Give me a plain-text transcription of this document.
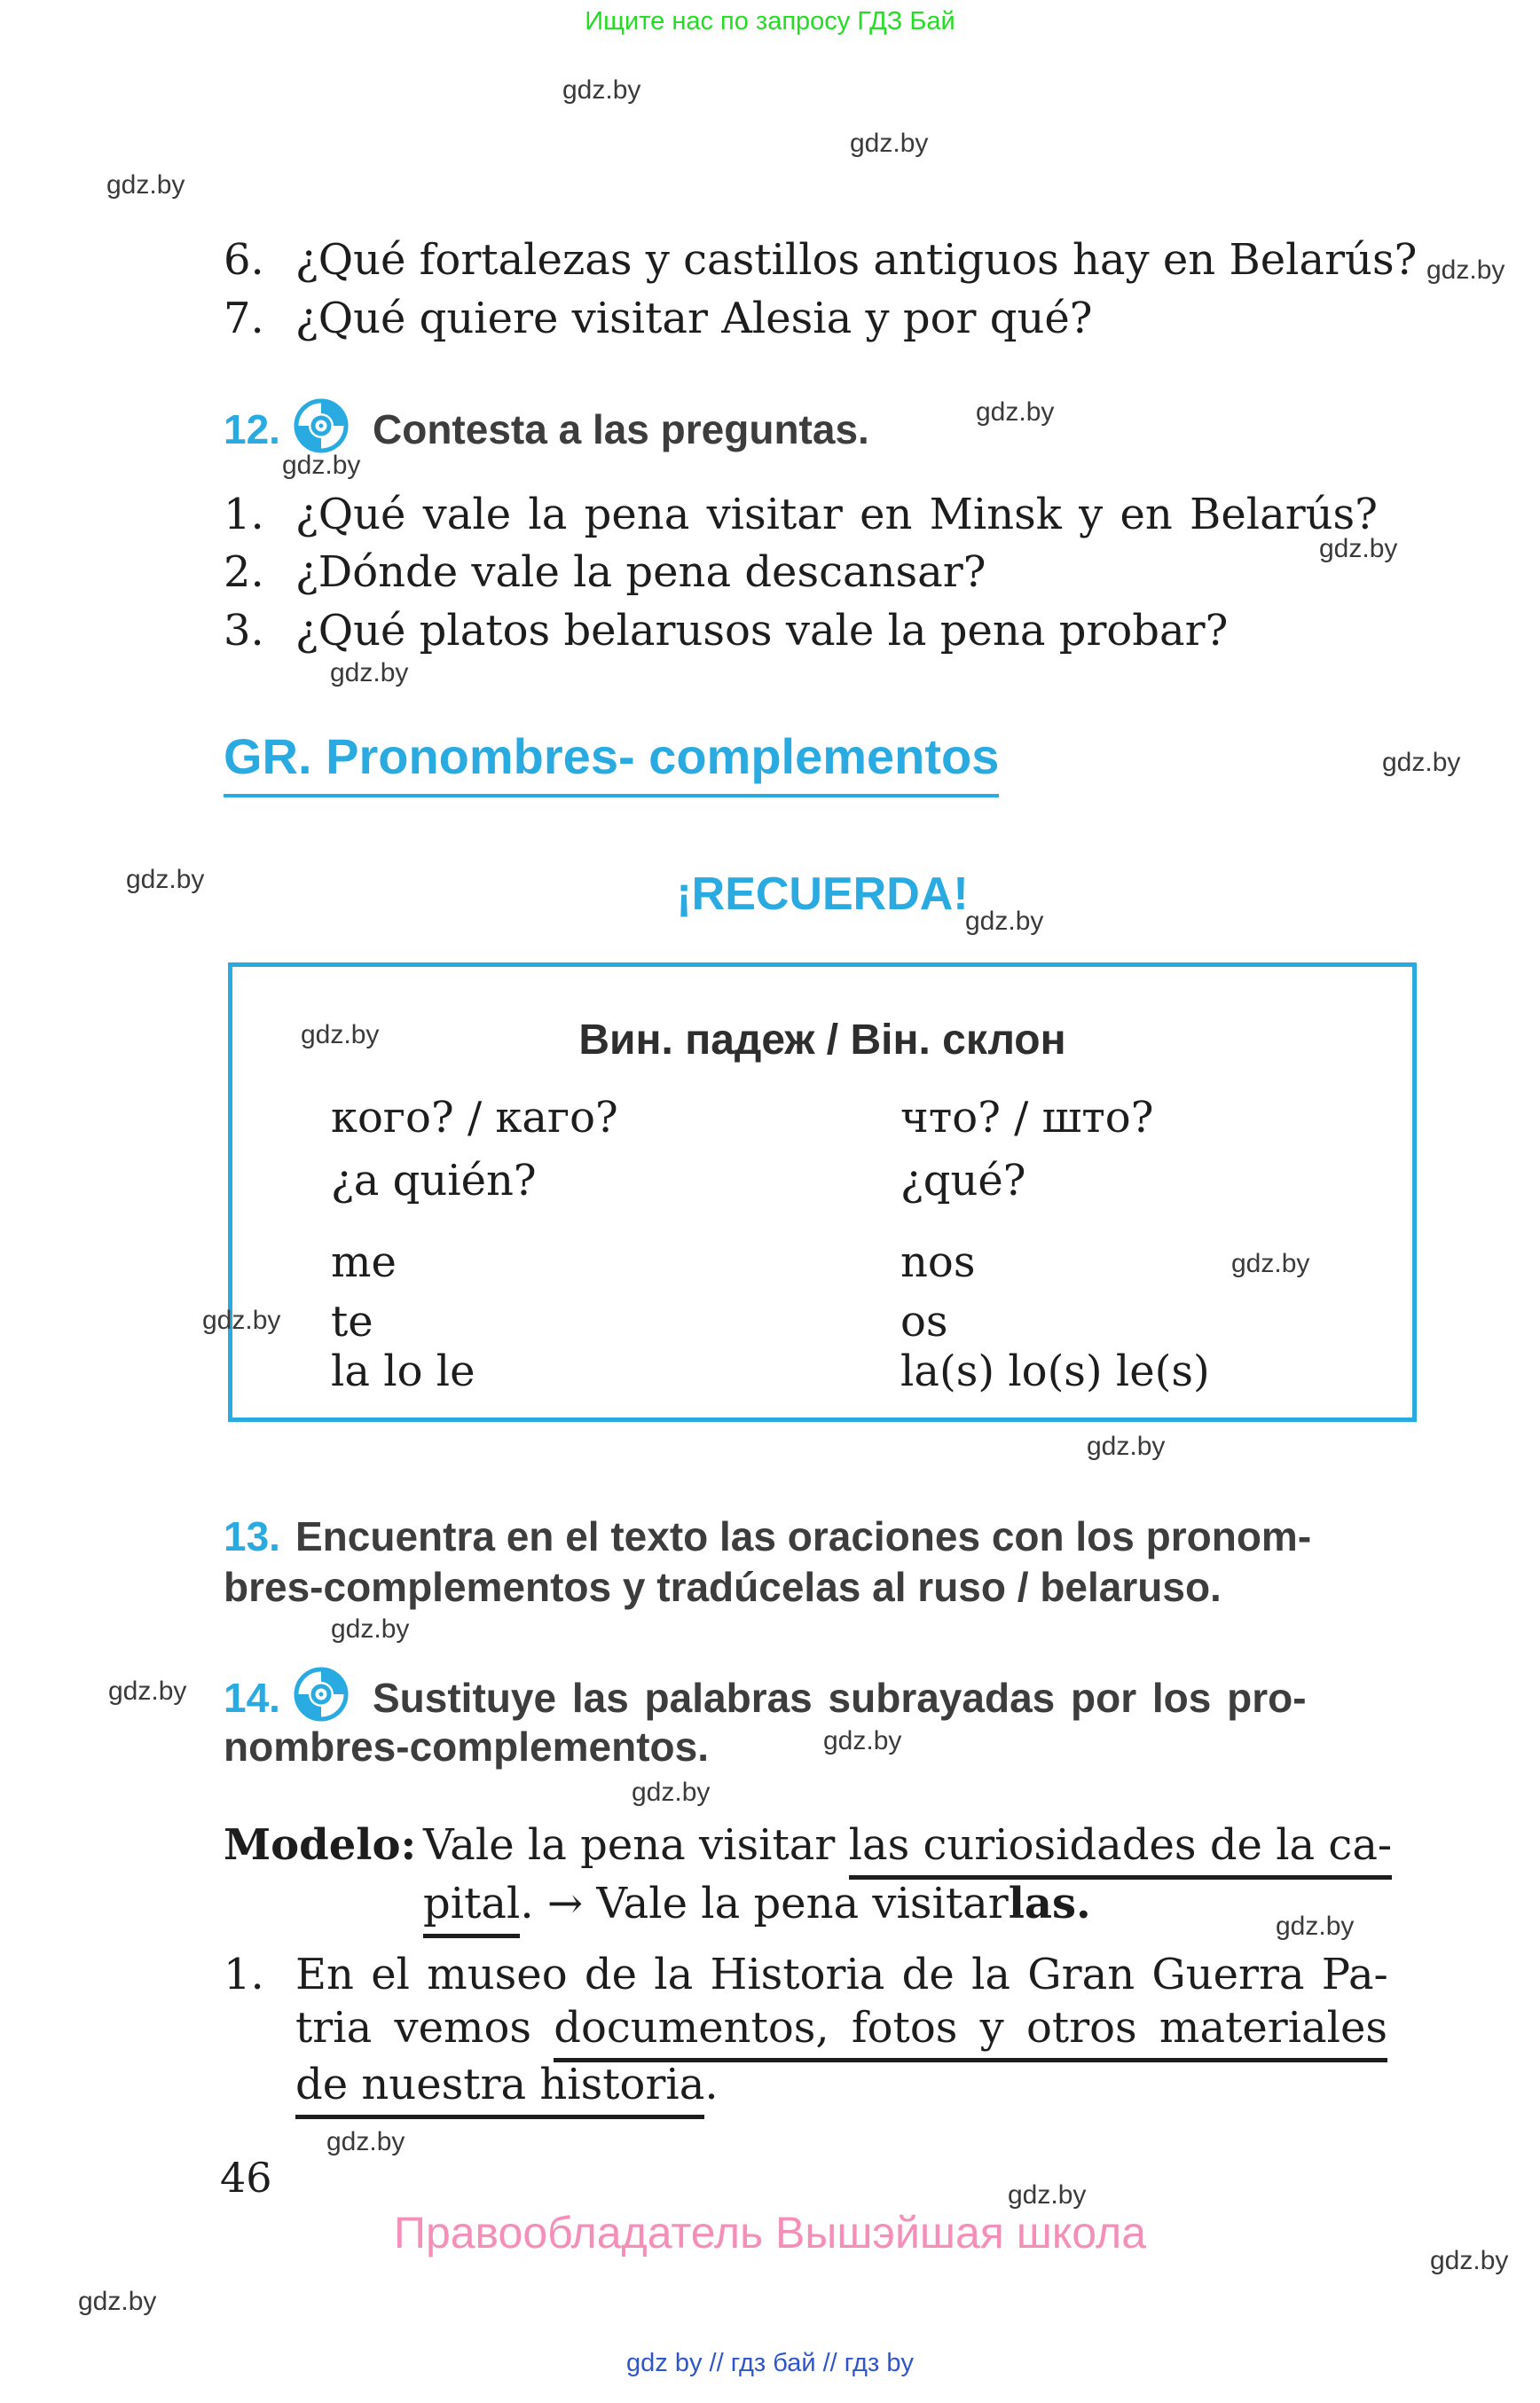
Ищите нас по запросу ГДЗ Бай
gdz.by
gdz.by
gdz.by
gdz.by
gdz.by
gdz.by
gdz.by
gdz.by
gdz.by
gdz.by
gdz.by
gdz.by
gdz.by
gdz.by
gdz.by
gdz.by
gdz.by
gdz.by
gdz.by
gdz.by
gdz.by
gdz.by
gdz.by
gdz.by
6. ¿Qué fortalezas y castillos antiguos hay en Belarús?
7. ¿Qué quiere visitar Alesia y por qué?
12. Contesta a las preguntas.
1. ¿Qué vale la pena visitar en Minsk y en Belarús?
2. ¿Dónde vale la pena descansar?
3. ¿Qué platos belarusos vale la pena probar?
GR. Pronombres- complementos
¡RECUERDA!
Вин. падеж / Він. склон
кого? / каго?	что? / што?
¿a quién?	¿qué?
me	nos
te	os
la lo le	la(s) lo(s) le(s)
13. Encuentra en el texto las oraciones con los pronom-
bres-complementos y tradúcelas al ruso / belaruso.
14. Sustituye las palabras subrayadas por los pro-
nombres-complementos.
Modelo: Vale la pena visitar las curiosidades de la ca-
pital. → Vale la pena visitarlas.
1. En el museo de la Historia de la Gran Guerra Pa-
tria vemos documentos, fotos y otros materiales
de nuestra historia.
46
Правообладатель Вышэйшая школа
gdz by // гдз бай // гдз by
